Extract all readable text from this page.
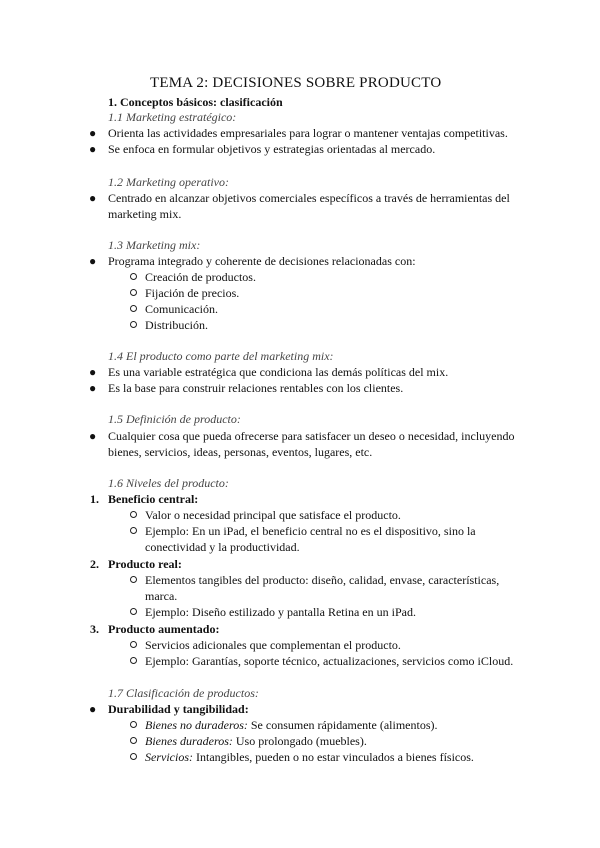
TEMA 2: DECISIONES SOBRE PRODUCTO
1. Conceptos básicos: clasificación
1.1 Marketing estratégico:
● Orienta las actividades empresariales para lograr o mantener ventajas competitivas.
● Se enfoca en formular objetivos y estrategias orientadas al mercado.
1.2 Marketing operativo:
● Centrado en alcanzar objetivos comerciales específicos a través de herramientas del
marketing mix.
1.3 Marketing mix:
● Programa integrado y coherente de decisiones relacionadas con:
Creación de productos.
Fijación de precios.
Comunicación.
Distribución.
1.4 El producto como parte del marketing mix:
● Es una variable estratégica que condiciona las demás políticas del mix.
● Es la base para construir relaciones rentables con los clientes.
1.5 Definición de producto:
● Cualquier cosa que pueda ofrecerse para satisfacer un deseo o necesidad, incluyendo
bienes, servicios, ideas, personas, eventos, lugares, etc.
1.6 Niveles del producto:
1. Beneficio central:
Valor o necesidad principal que satisface el producto.
Ejemplo: En un iPad, el beneficio central no es el dispositivo, sino la
conectividad y la productividad.
2. Producto real:
Elementos tangibles del producto: diseño, calidad, envase, características,
marca.
Ejemplo: Diseño estilizado y pantalla Retina en un iPad.
3. Producto aumentado:
Servicios adicionales que complementan el producto.
Ejemplo: Garantías, soporte técnico, actualizaciones, servicios como iCloud.
1.7 Clasificación de productos:
● Durabilidad y tangibilidad:
Bienes no duraderos: Se consumen rápidamente (alimentos).
Bienes duraderos: Uso prolongado (muebles).
Servicios: Intangibles, pueden o no estar vinculados a bienes físicos.
